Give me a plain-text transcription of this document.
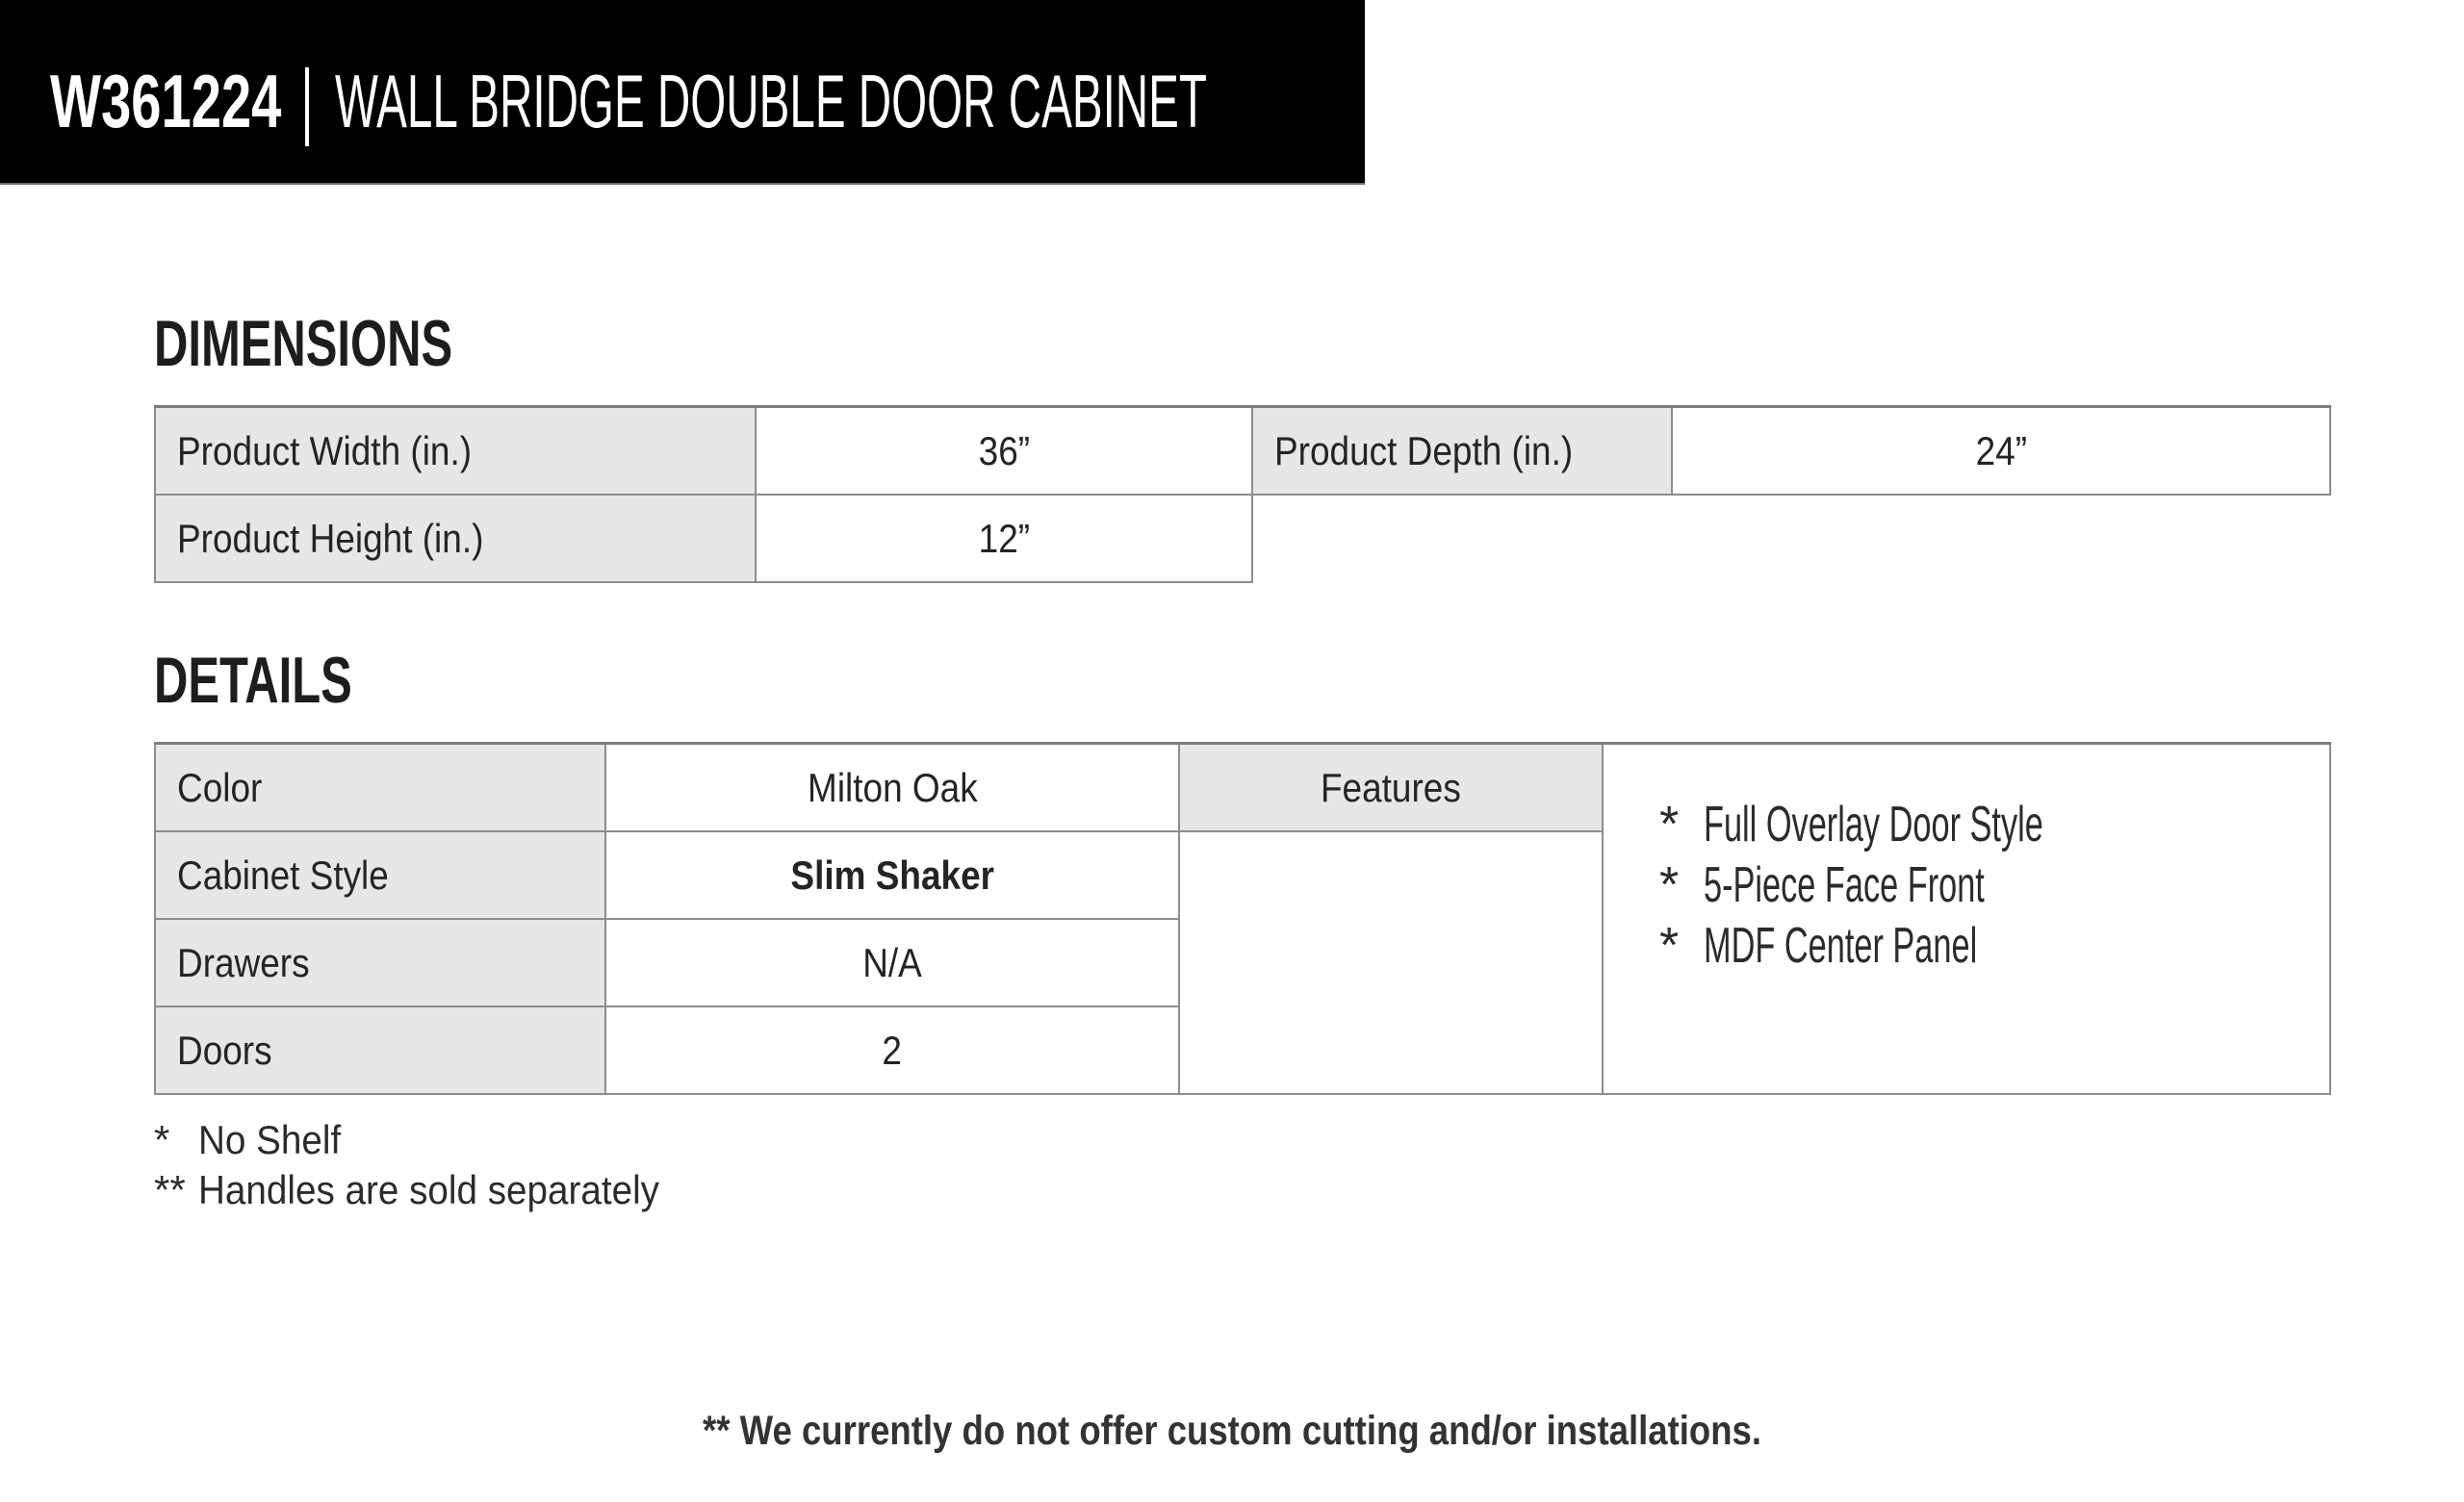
W361224 WALL BRIDGE DOUBLE DOOR CABINET
DIMENSIONS
Product Width (in.)	36”	Product Depth (in.)	24”
Product Height (in.)	12”		
DETAILS
Color	Milton Oak	Features	
* Full Overlay Door Style
* 5-Piece Face Front
* MDF Center Panel

Cabinet Style	Slim Shaker		
Drawers	N/A		
Doors	2		
* No Shelf
** Handles are sold separately
** We currently do not offer custom cutting and/or installations.
